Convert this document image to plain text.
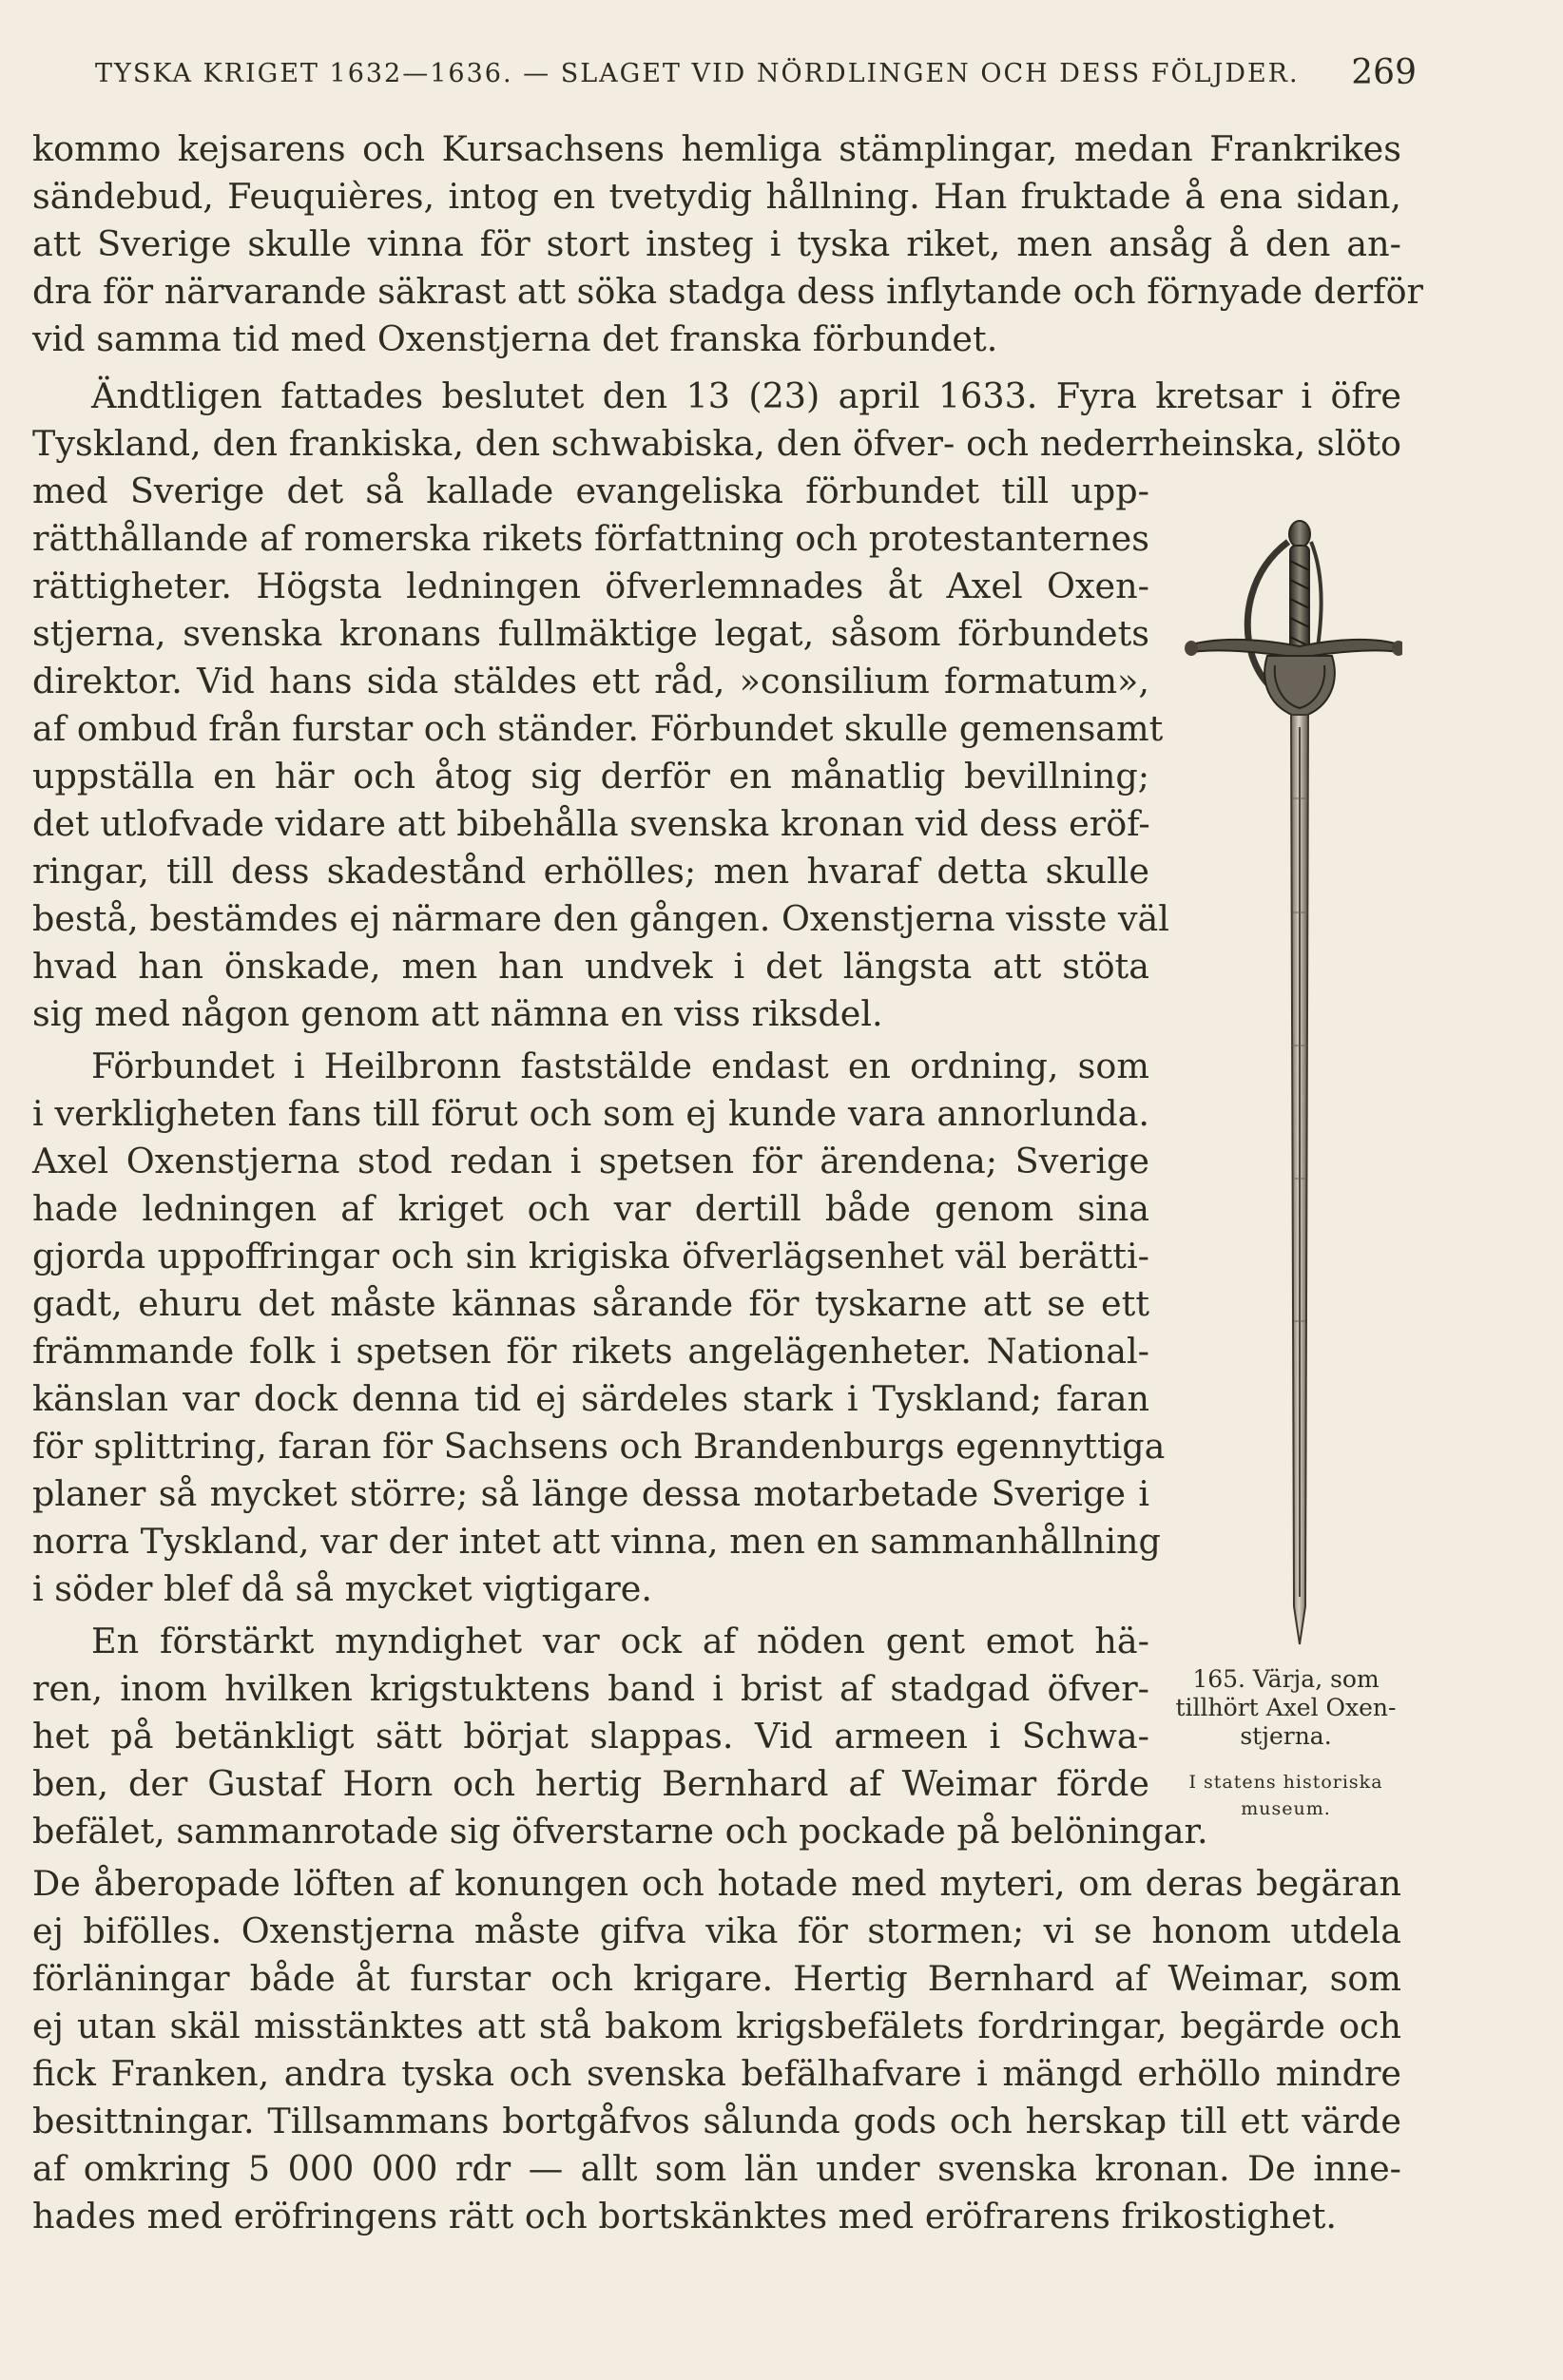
TYSKA KRIGET 1632—1636. — SLAGET VID NÖRDLINGEN OCH DESS FÖLJDER. 269
kommo kejsarens och Kursachsens hemliga stämplingar, medan Frankrikes
sändebud, Feuquières, intog en tvetydig hållning. Han fruktade å ena sidan,
att Sverige skulle vinna för stort insteg i tyska riket, men ansåg å den an-
dra för närvarande säkrast att söka stadga dess inflytande och förnyade derför
vid samma tid med Oxenstjerna det franska förbundet.
Ändtligen fattades beslutet den 13 (23) april 1633. Fyra kretsar i öfre
Tyskland, den frankiska, den schwabiska, den öfver- och nederrheinska, slöto
med Sverige det så kallade evangeliska förbundet till upp-
rätthållande af romerska rikets författning och protestanternes
rättigheter. Högsta ledningen öfverlemnades åt Axel Oxen-
stjerna, svenska kronans fullmäktige legat, såsom förbundets
direktor. Vid hans sida stäldes ett råd, »consilium formatum»,
af ombud från furstar och ständer. Förbundet skulle gemensamt
uppställa en här och åtog sig derför en månatlig bevillning;
det utlofvade vidare att bibehålla svenska kronan vid dess eröf-
ringar, till dess skadestånd erhölles; men hvaraf detta skulle
bestå, bestämdes ej närmare den gången. Oxenstjerna visste väl
hvad han önskade, men han undvek i det längsta att stöta
sig med någon genom att nämna en viss riksdel.
Förbundet i Heilbronn faststälde endast en ordning, som
i verkligheten fans till förut och som ej kunde vara annorlunda.
Axel Oxenstjerna stod redan i spetsen för ärendena; Sverige
hade ledningen af kriget och var dertill både genom sina
gjorda uppoffringar och sin krigiska öfverlägsenhet väl berätti-
gadt, ehuru det måste kännas sårande för tyskarne att se ett
främmande folk i spetsen för rikets angelägenheter. National-
känslan var dock denna tid ej särdeles stark i Tyskland; faran
för splittring, faran för Sachsens och Brandenburgs egennyttiga
planer så mycket större; så länge dessa motarbetade Sverige i
norra Tyskland, var der intet att vinna, men en sammanhållning
i söder blef då så mycket vigtigare.
En förstärkt myndighet var ock af nöden gent emot hä-
ren, inom hvilken krigstuktens band i brist af stadgad öfver-
het på betänkligt sätt börjat slappas. Vid armeen i Schwa-
ben, der Gustaf Horn och hertig Bernhard af Weimar förde
befälet, sammanrotade sig öfverstarne och pockade på belöningar.
De åberopade löften af konungen och hotade med myteri, om deras begäran
ej bifölles. Oxenstjerna måste gifva vika för stormen; vi se honom utdela
förläningar både åt furstar och krigare. Hertig Bernhard af Weimar, som
ej utan skäl misstänktes att stå bakom krigsbefälets fordringar, begärde och
fick Franken, andra tyska och svenska befälhafvare i mängd erhöllo mindre
besittningar. Tillsammans bortgåfvos sålunda gods och herskap till ett värde
af omkring 5 000 000 rdr — allt som län under svenska kronan. De inne-
hades med eröfringens rätt och bortskänktes med eröfrarens frikostighet.
165. Värja, som
tillhört Axel Oxen-
stjerna.
I statens historiska
museum.
